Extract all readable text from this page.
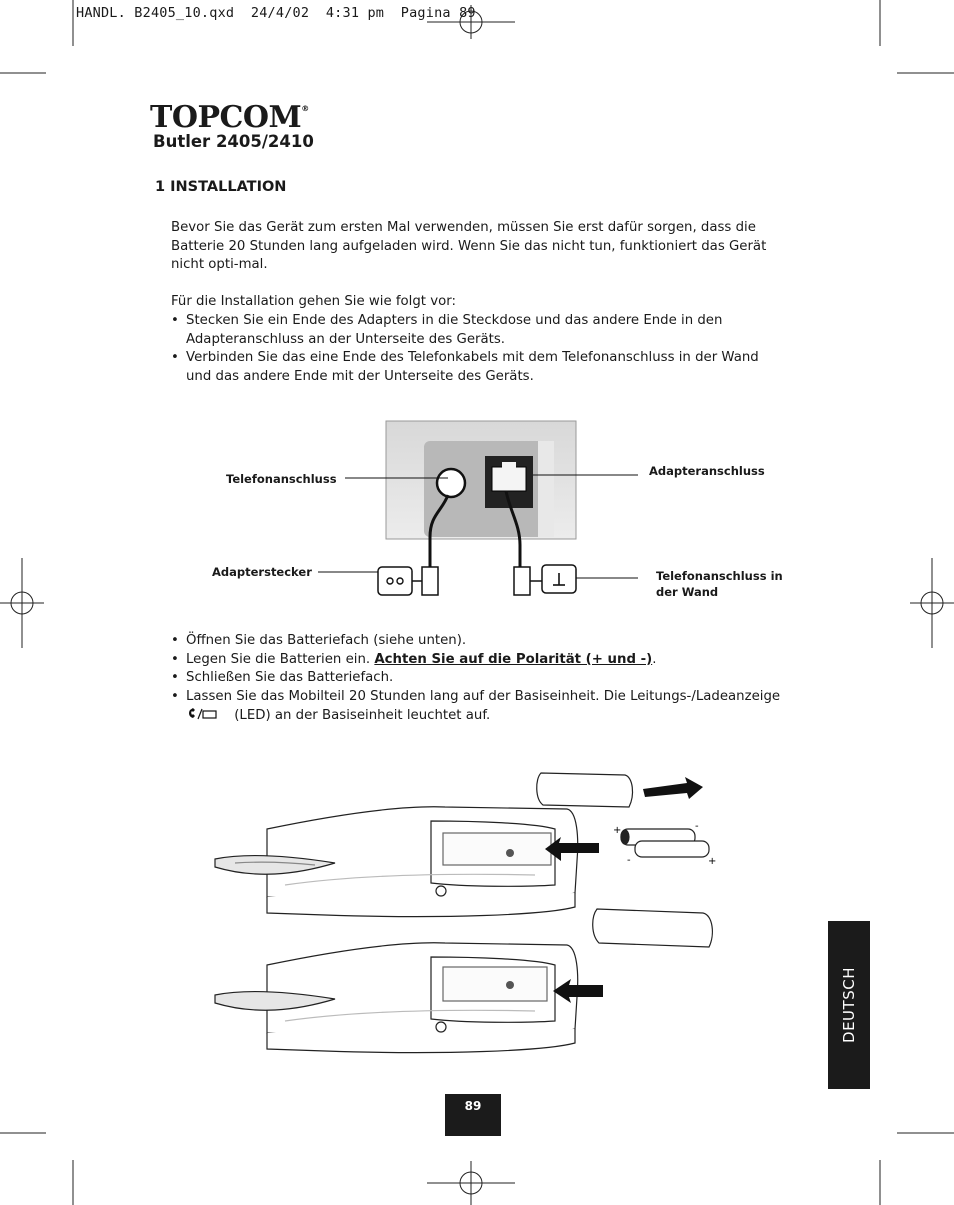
HANDL. B2405_10.qxd  24/4/02  4:31 pm  Pagina 89
TOPCOM®
Butler 2405/2410
1 INSTALLATION
Bevor Sie das Gerät zum ersten Mal verwenden, müssen Sie erst dafür sorgen, dass die Batterie 20 Stunden lang aufgeladen wird. Wenn Sie das nicht tun, funktioniert das Gerät nicht opti-mal.
Für die Installation gehen Sie wie folgt vor:
• Stecken Sie ein Ende des Adapters in die Steckdose und das andere Ende in den Adapteranschluss an der Unterseite des Geräts.
• Verbinden Sie das eine Ende des Telefonkabels mit dem Telefonanschluss in der Wand und das andere Ende mit der Unterseite des Geräts.
Telefonanschluss
Adapteranschluss
Adapterstecker	Telefonanschluss in
der Wand
• Öffnen Sie das Batteriefach (siehe unten).
• Legen Sie die Batterien ein. Achten Sie auf die Polarität (+ und -).
• Schließen Sie das Batteriefach.
• Lassen Sie das Mobilteil 20 Stunden lang auf der Basiseinheit. Die Leitungs-/Ladeanzeige
(LED) an der Basiseinheit leuchtet auf.
+	-
-	+
DEUTSCH
89
